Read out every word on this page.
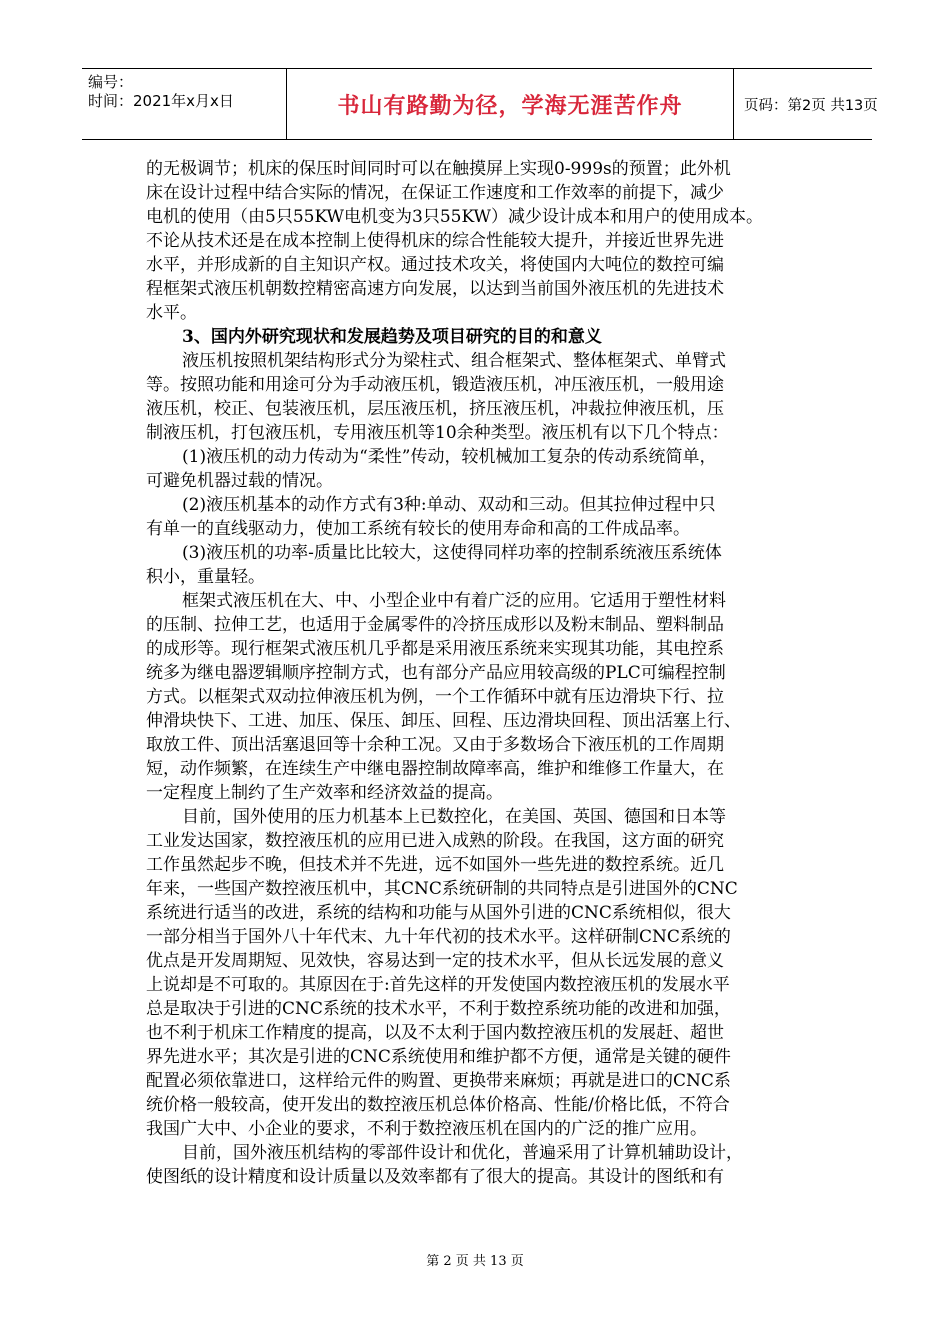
编号：
时间：2021年x月x日	书山有路勤为径，学海无涯苦作舟	页码：第2页 共13页
的无极调节；机床的保压时间同时可以在触摸屏上实现0-999s的预置；此外机
床在设计过程中结合实际的情况，在保证工作速度和工作效率的前提下，减少
电机的使用（由5只55KW电机变为3只55KW）减少设计成本和用户的使用成本。
不论从技术还是在成本控制上使得机床的综合性能较大提升，并接近世界先进
水平，并形成新的自主知识产权。通过技术攻关，将使国内大吨位的数控可编
程框架式液压机朝数控精密高速方向发展，以达到当前国外液压机的先进技术
水平。
3、国内外研究现状和发展趋势及项目研究的目的和意义
液压机按照机架结构形式分为梁柱式、组合框架式、整体框架式、单臂式
等。按照功能和用途可分为手动液压机，锻造液压机，冲压液压机，一般用途
液压机，校正、包装液压机，层压液压机，挤压液压机，冲裁拉伸液压机，压
制液压机，打包液压机，专用液压机等10余种类型。液压机有以下几个特点：
(1)液压机的动力传动为“柔性”传动，较机械加工复杂的传动系统简单，
可避免机器过载的情况。
(2)液压机基本的动作方式有3种:单动、双动和三动。但其拉伸过程中只
有单一的直线驱动力，使加工系统有较长的使用寿命和高的工件成品率。
(3)液压机的功率-质量比比较大，这使得同样功率的控制系统液压系统体
积小，重量轻。
框架式液压机在大、中、小型企业中有着广泛的应用。它适用于塑性材料
的压制、拉伸工艺，也适用于金属零件的冷挤压成形以及粉末制品、塑料制品
的成形等。现行框架式液压机几乎都是采用液压系统来实现其功能，其电控系
统多为继电器逻辑顺序控制方式，也有部分产品应用较高级的PLC可编程控制
方式。以框架式双动拉伸液压机为例，一个工作循环中就有压边滑块下行、拉
伸滑块快下、工进、加压、保压、卸压、回程、压边滑块回程、顶出活塞上行、
取放工件、顶出活塞退回等十余种工况。又由于多数场合下液压机的工作周期
短，动作频繁，在连续生产中继电器控制故障率高，维护和维修工作量大，在
一定程度上制约了生产效率和经济效益的提高。
目前，国外使用的压力机基本上已数控化，在美国、英国、德国和日本等
工业发达国家，数控液压机的应用已进入成熟的阶段。在我国，这方面的研究
工作虽然起步不晚，但技术并不先进，远不如国外一些先进的数控系统。近几
年来，一些国产数控液压机中，其CNC系统研制的共同特点是引进国外的CNC
系统进行适当的改进，系统的结构和功能与从国外引进的CNC系统相似，很大
一部分相当于国外八十年代末、九十年代初的技术水平。这样研制CNC系统的
优点是开发周期短、见效快，容易达到一定的技术水平，但从长远发展的意义
上说却是不可取的。其原因在于:首先这样的开发使国内数控液压机的发展水平
总是取决于引进的CNC系统的技术水平，不利于数控系统功能的改进和加强，
也不利于机床工作精度的提高，以及不太利于国内数控液压机的发展赶、超世
界先进水平；其次是引进的CNC系统使用和维护都不方便，通常是关键的硬件
配置必须依靠进口，这样给元件的购置、更换带来麻烦；再就是进口的CNC系
统价格一般较高，使开发出的数控液压机总体价格高、性能/价格比低，不符合
我国广大中、小企业的要求，不利于数控液压机在国内的广泛的推广应用。
目前，国外液压机结构的零部件设计和优化，普遍采用了计算机辅助设计，
使图纸的设计精度和设计质量以及效率都有了很大的提高。其设计的图纸和有
第 2 页 共 13 页
